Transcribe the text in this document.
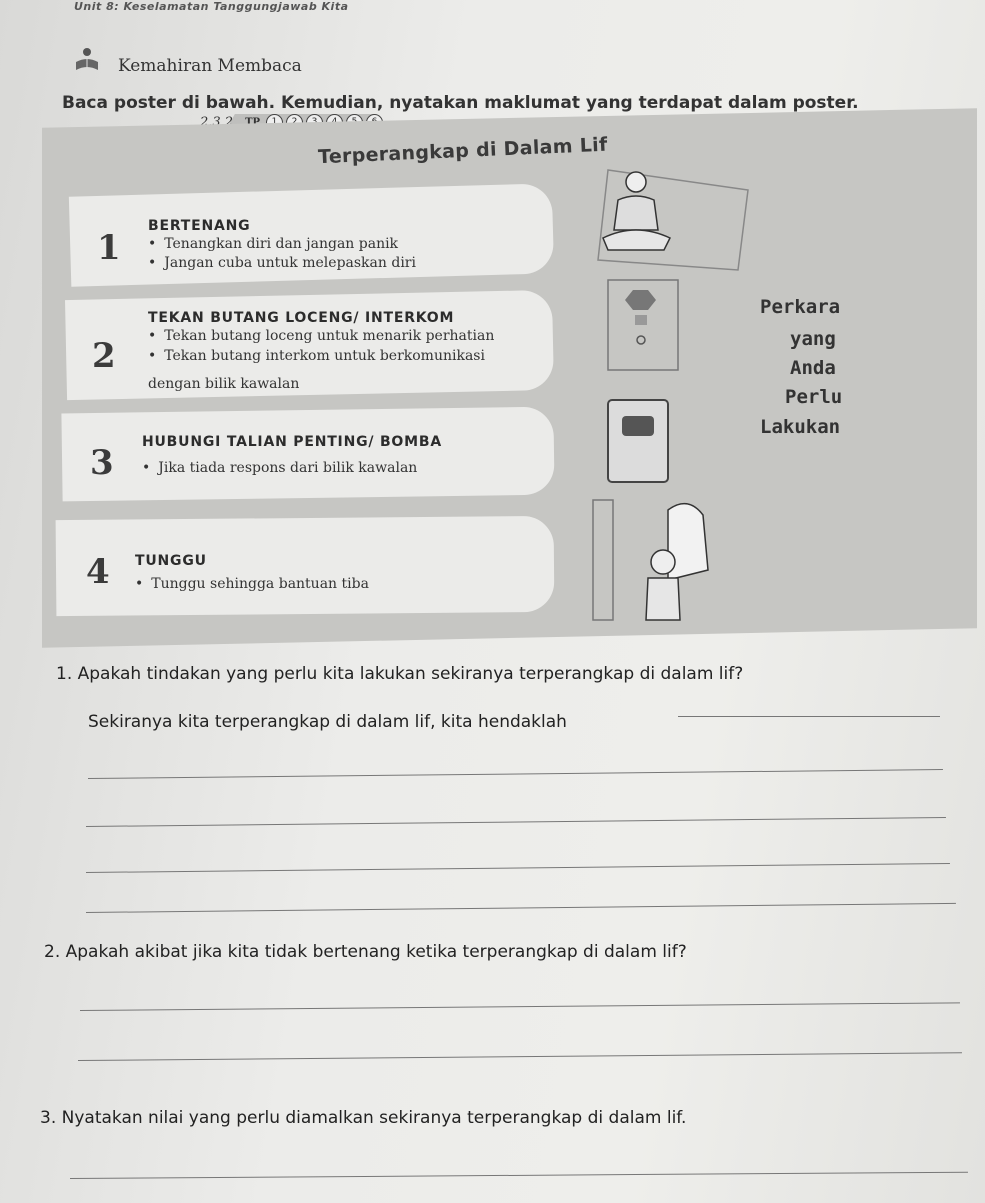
Unit 8: Keselamatan Tanggungjawab Kita
Kemahiran Membaca
Baca poster di bawah. Kemudian, nyatakan maklumat yang terdapat dalam poster.
2.3.2 TP
Terperangkap di Dalam Lif
1
BERTENANG
• Tenangkan diri dan jangan panik
• Jangan cuba untuk melepaskan diri
2
TEKAN BUTANG LOCENG/ INTERKOM
• Tekan butang loceng untuk menarik perhatian
• Tekan butang interkom untuk berkomunikasi
dengan bilik kawalan
3
HUBUNGI TALIAN PENTING/ BOMBA
• Jika tiada respons dari bilik kawalan
4 TUNGGU
• Tunggu sehingga bantuan tiba
Perkara
yang
Anda
Perlu
Lakukan
1. Apakah tindakan yang perlu kita lakukan sekiranya terperangkap di dalam lif?
Sekiranya kita terperangkap di dalam lif, kita hendaklah
2. Apakah akibat jika kita tidak bertenang ketika terperangkap di dalam lif?
3. Nyatakan nilai yang perlu diamalkan sekiranya terperangkap di dalam lif.
